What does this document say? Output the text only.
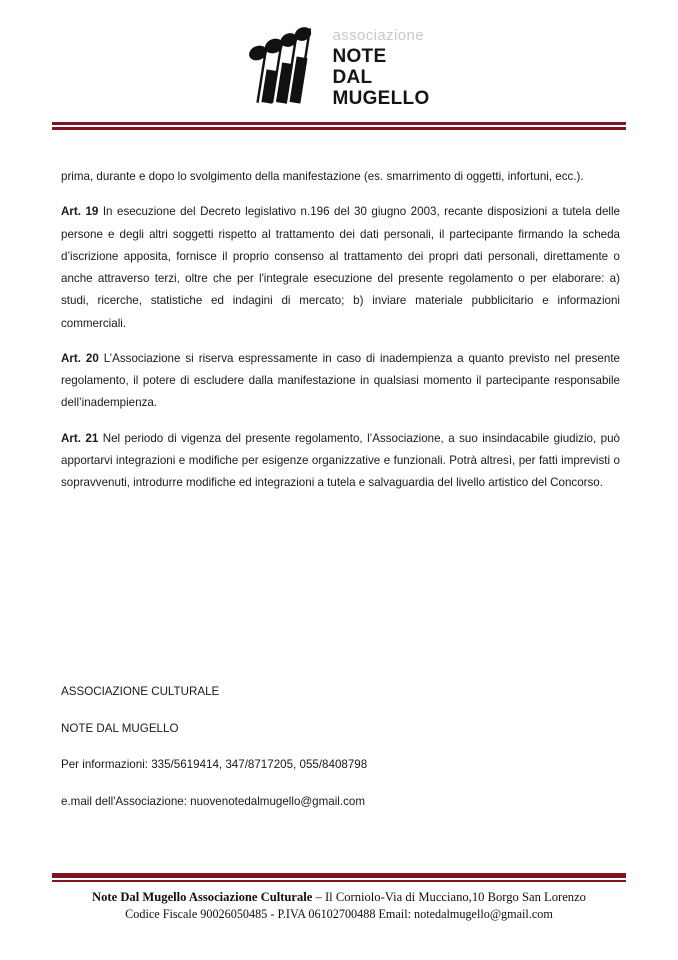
associazione
NOTE
DAL
MUGELLO

prima, durante e dopo lo svolgimento della manifestazione (es. smarrimento di oggetti, infortuni, ecc.).

Art. 19 In esecuzione del Decreto legislativo n.196 del 30 giugno 2003, recante disposizioni a tutela delle persone e degli altri soggetti rispetto al trattamento dei dati personali, il partecipante firmando la scheda d’iscrizione apposita, fornisce il proprio consenso al trattamento dei propri dati personali, direttamente o anche attraverso terzi, oltre che per l'integrale esecuzione del presente regolamento o per elaborare: a) studi, ricerche, statistiche ed indagini di mercato; b) inviare materiale pubblicitario e informazioni commerciali.

Art. 20 L’Associazione si riserva espressamente in caso di inadempienza a quanto previsto nel presente regolamento, il potere di escludere dalla manifestazione in qualsiasi momento il partecipante responsabile dell’inadempienza.

Art. 21 Nel periodo di vigenza del presente regolamento, l’Associazione, a suo insindacabile giudizio, può apportarvi integrazioni e modifiche per esigenze organizzative e funzionali. Potrà altresì, per fatti imprevisti o sopravvenuti, introdurre modifiche ed integrazioni a tutela e salvaguardia del livello artistico del Concorso.

ASSOCIAZIONE CULTURALE
NOTE DAL MUGELLO
Per informazioni: 335/5619414, 347/8717205, 055/8408798
e.mail dell'Associazione: nuovenotedalmugello@gmail.com
Note Dal Mugello Associazione Culturale – Il Corniolo-Via di Mucciano,10 Borgo San Lorenzo
Codice Fiscale 90026050485 - P.IVA 06102700488 Email: notedalmugello@gmail.com
